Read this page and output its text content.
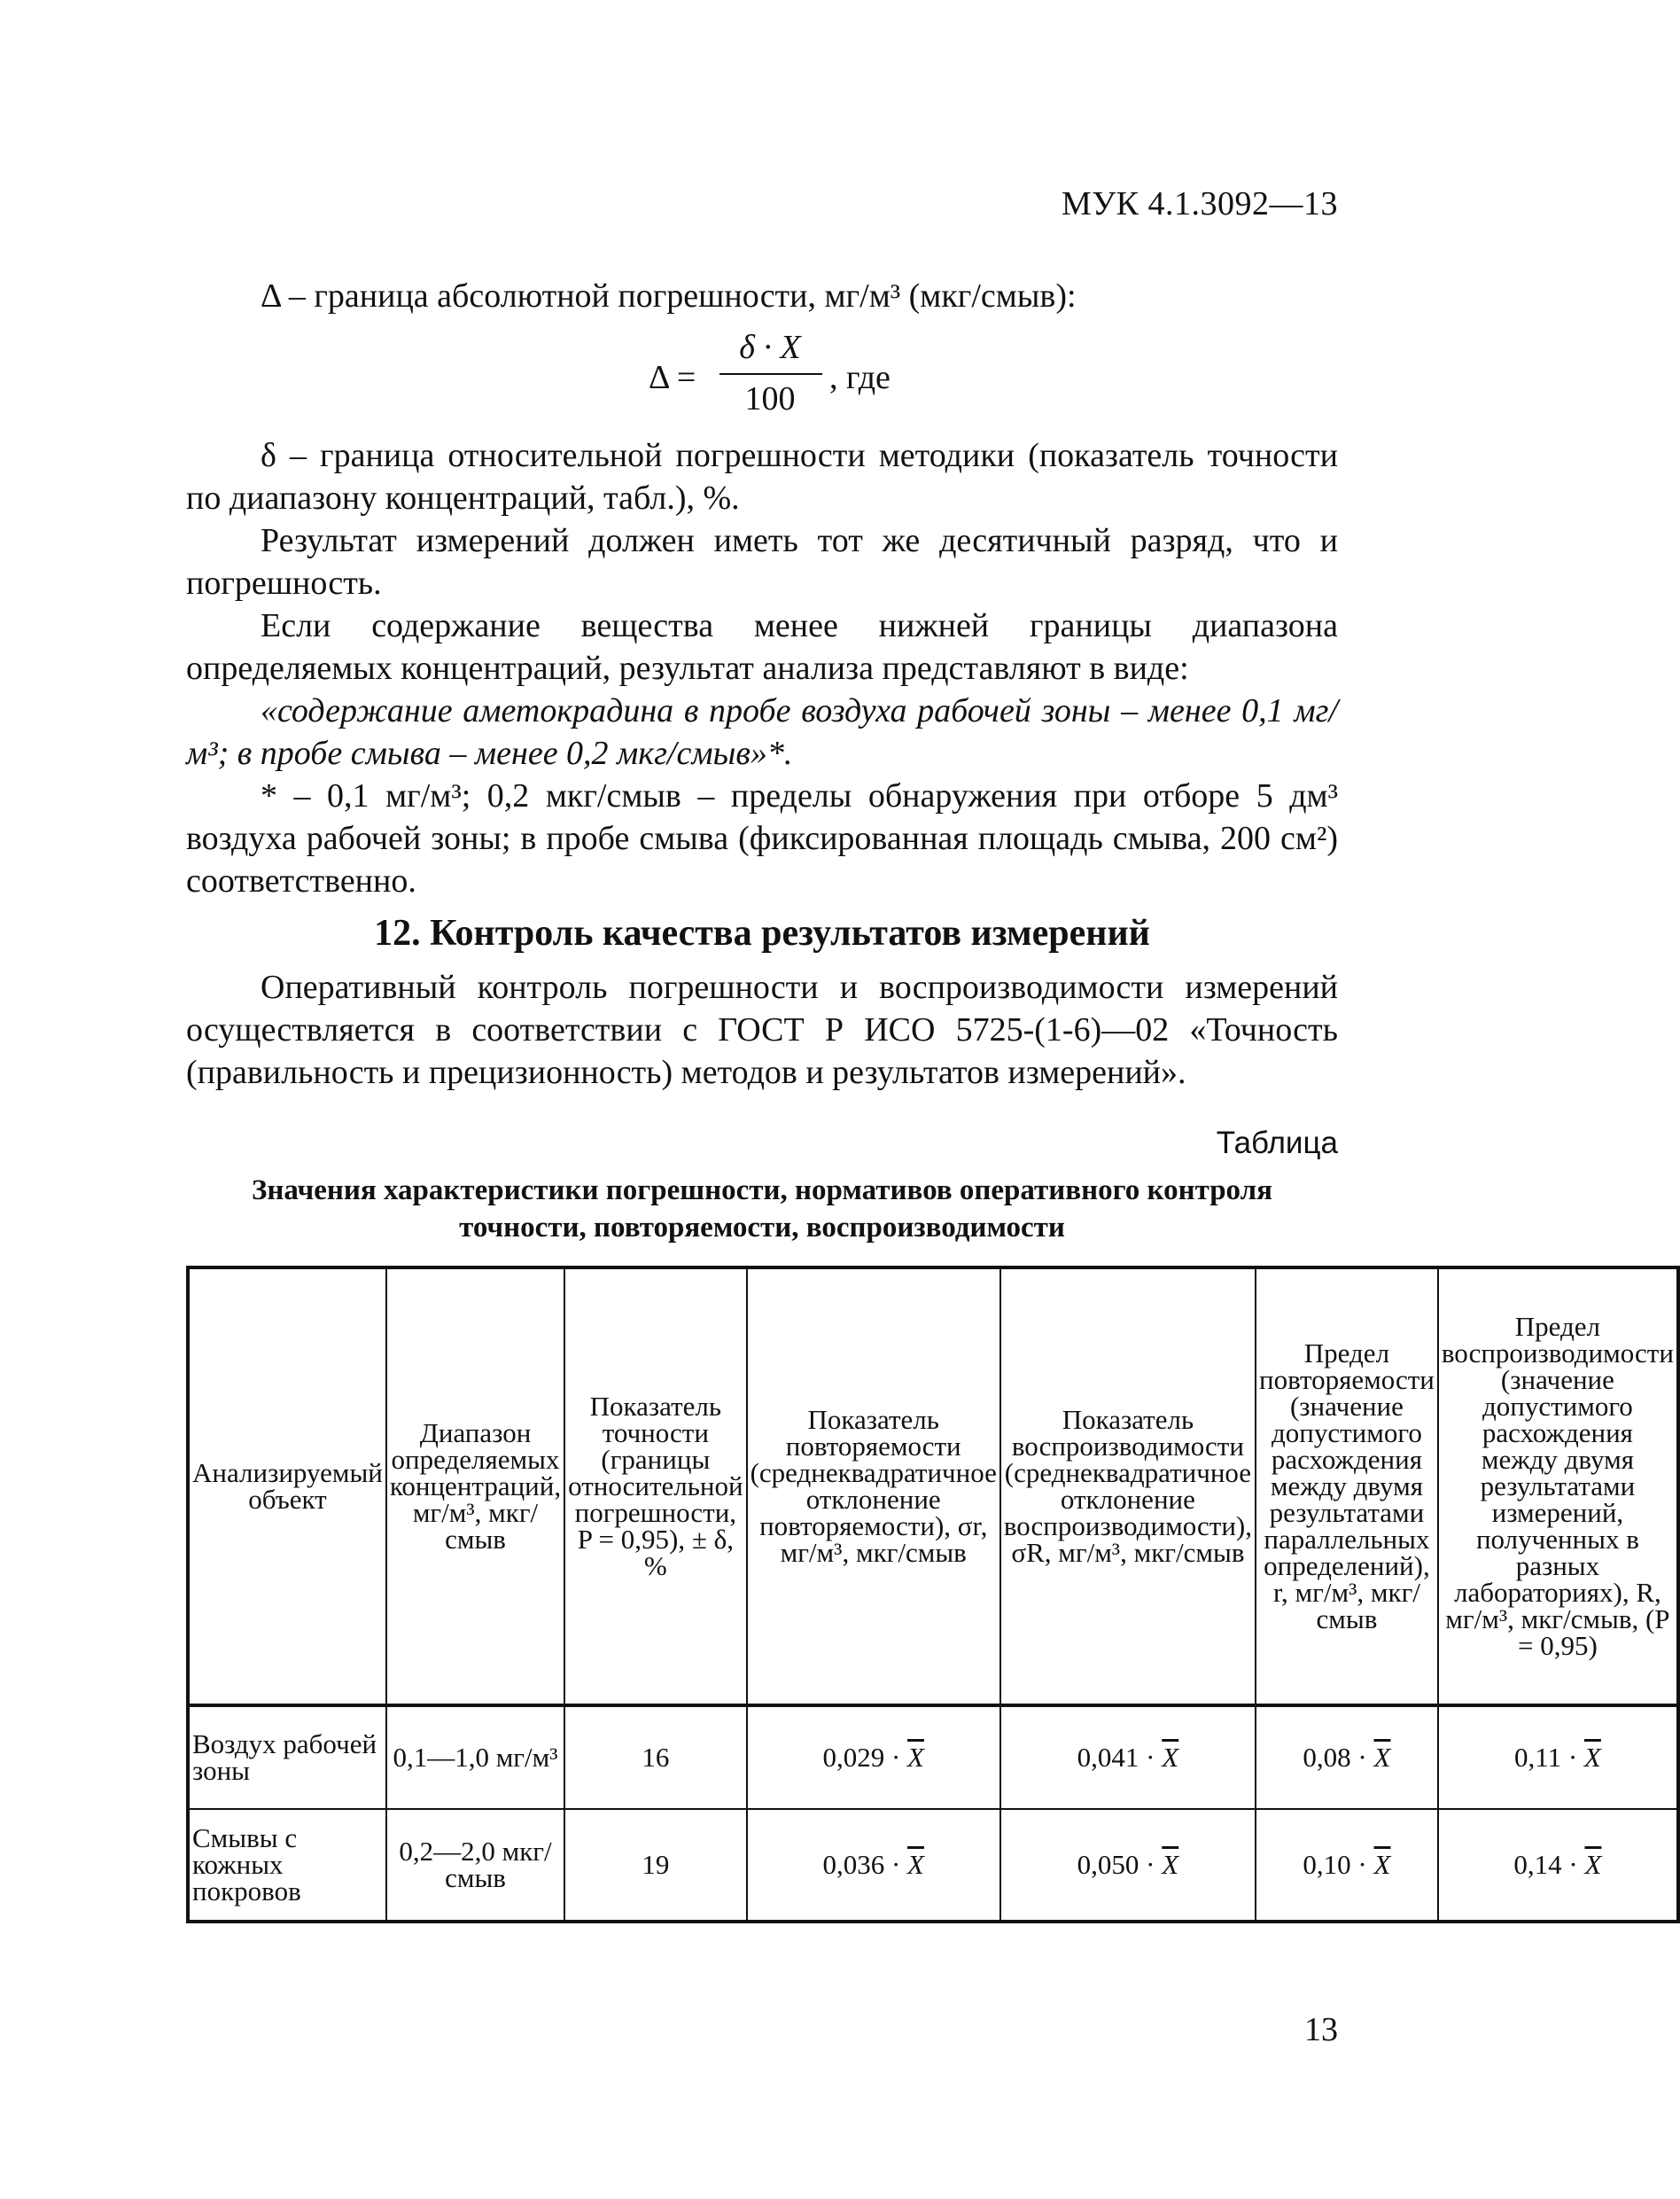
МУК 4.1.3092—13

Δ – граница абсолютной погрешности, мг/м³ (мкг/смыв):

Δ =
δ · X
100
, где

δ – граница относительной погрешности методики (показатель точности по диапазону концентраций, табл.), %.

Результат измерений должен иметь тот же десятичный разряд, что и погрешность.

Если содержание вещества менее нижней границы диапазона определяемых концентраций, результат анализа представляют в виде:

«содержание аметокрадина в пробе воздуха рабочей зоны – менее 0,1 мг/м³; в пробе смыва – менее 0,2 мкг/смыв»*.

* – 0,1 мг/м³; 0,2 мкг/смыв – пределы обнаружения при отборе 5 дм³ воздуха рабочей зоны; в пробе смыва (фиксированная площадь смыва, 200 см²) соответственно.

12. Контроль качества результатов измерений

Оперативный контроль погрешности и воспроизводимости измерений осуществляется в соответствии с ГОСТ Р ИСО 5725-(1-6)—02 «Точность (правильность и прецизионность) методов и результатов измерений».

Таблица

Значения характеристики погрешности, нормативов оперативного контроля точности, повторяемости, воспроизводимости

Анализируемый объект	Диапазон определяемых концентраций, мг/м³, мкг/смыв	Показатель точности (границы относительной погрешности, P = 0,95), ± δ, %	Показатель повторяемости (среднеквадратичное отклонение повторяемости), σr, мг/м³, мкг/смыв	Показатель воспроизводимости (среднеквадратичное отклонение воспроизводимости), σR, мг/м³, мкг/смыв	Предел повторяемости (значение допустимого расхождения между двумя результатами параллельных определений), r, мг/м³, мкг/смыв	Предел воспроизводимости (значение допустимого расхождения между двумя результатами измерений, полученных в разных лабораториях), R, мг/м³, мкг/смыв, (P = 0,95)
Воздух рабочей зоны	0,1—1,0 мг/м³	16	$0,029 \cdot \overline{X}$	$0,041 \cdot \overline{X}$	$0,08 \cdot \overline{X}$	$0,11 \cdot \overline{X}$
Смывы с кожных покровов	0,2—2,0 мкг/смыв	19	$0,036 \cdot \overline{X}$	$0,050 \cdot \overline{X}$	$0,10 \cdot \overline{X}$	$0,14 \cdot \overline{X}$
13
